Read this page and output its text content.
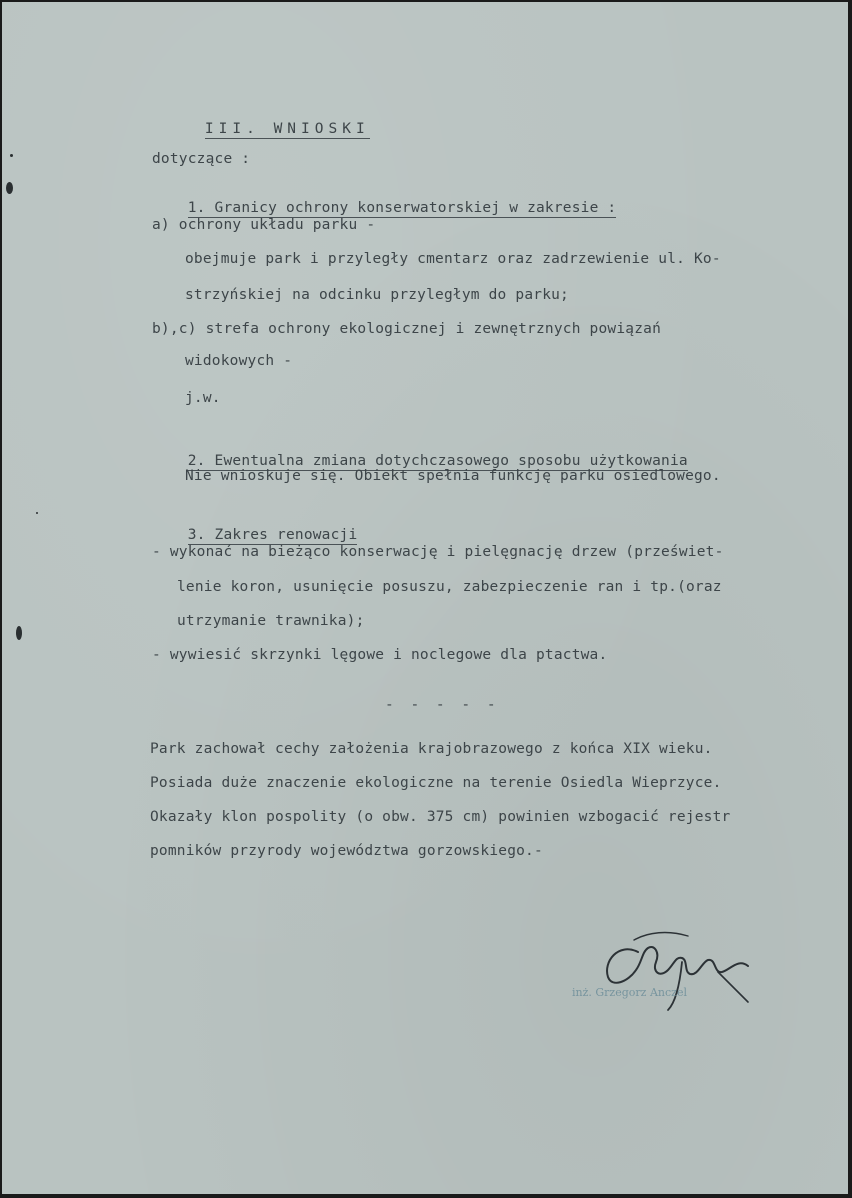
III. WNIOSKI

dotyczące :

1. Granicy ochrony konserwatorskiej w zakresie :

a) ochrony układu parku -
obejmuje park i przyległy cmentarz oraz zadrzewienie ul. Ko-
strzyńskiej na odcinku przyległym do parku;
b),c) strefa ochrony ekologicznej i zewnętrznych powiązań
widokowych -
j.w.

2. Ewentualna zmiana dotychczasowego sposobu użytkowania

Nie wnioskuje się. Obiekt spełnia funkcję parku osiedlowego.

3. Zakres renowacji

- wykonać na bieżąco konserwację i pielęgnację drzew (przeświet-
lenie koron, usunięcie posuszu, zabezpieczenie ran i tp.(oraz
utrzymanie trawnika);
- wywiesić skrzynki lęgowe i noclegowe dla ptactwa.
- - - - -
Park zachował cechy założenia krajobrazowego z końca XIX wieku.
Posiada duże znaczenie ekologiczne na terenie Osiedla Wieprzyce.
Okazały klon pospolity (o obw. 375 cm) powinien wzbogacić rejestr
pomników przyrody województwa gorzowskiego.-
inż. Grzegorz Anczel
